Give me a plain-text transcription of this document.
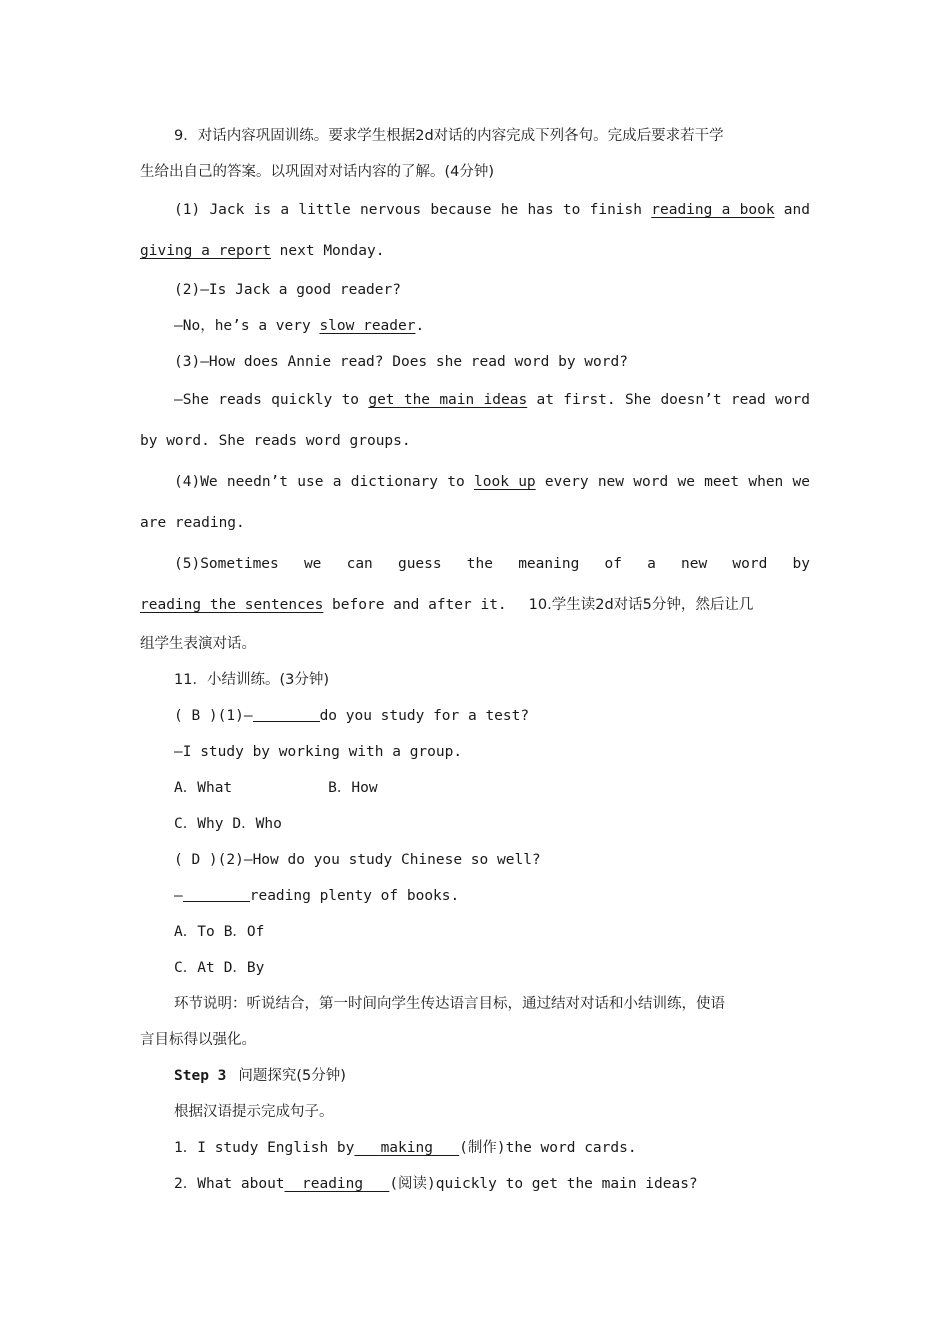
9．对话内容巩固训练。要求学生根据2d对话的内容完成下列各句。完成后要求若干学

生给出自己的答案。以巩固对对话内容的了解。(4分钟)

(1) Jack is a little nervous because he has to finish reading a book and

giving a report next Monday.

(2)—Is Jack a good reader?

—No，he’s a very slow reader.

(3)—How does Annie read? Does she read word by word?

—She reads quickly to get the main ideas at first. She doesn’t read word

by word. She reads word groups.

(4)We needn’t use a dictionary to look up every new word we meet when we

are reading.

(5)Sometimes we can guess the meaning of a new word by

reading the sentences before and after it. 10.学生读2d对话5分钟，然后让几

组学生表演对话。

11．小结训练。(3分钟)

( B )(1)—	do you study for a test?

—I study by working with a group.

A．What	B．How

C．Why D．Who

( D )(2)—How do you study Chinese so well?

—	reading plenty of books.

A．To B．Of

C．At D．By

环节说明：听说结合，第一时间向学生传达语言目标，通过结对对话和小结训练，使语

言目标得以强化。

Step 3 问题探究(5分钟)

根据汉语提示完成句子。

1．I study English by making (制作)the word cards.

2．What about reading (阅读)quickly to get the main ideas?
